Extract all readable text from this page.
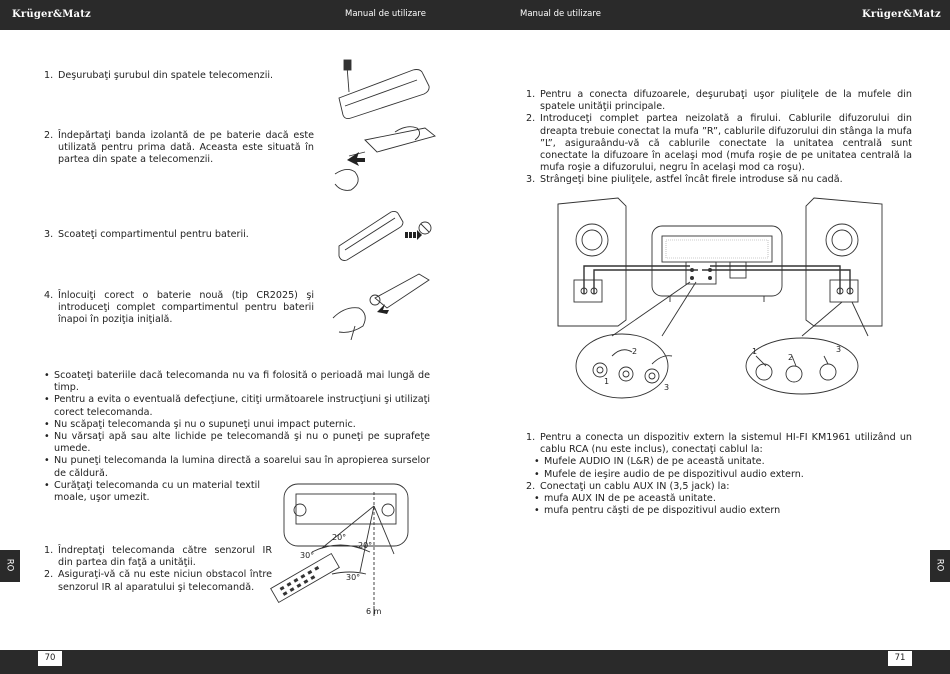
Krüger&Matz	Manual de utilizare	Manual de utilizare	Krüger&Matz
RO	RO
70	71
1. Deşurubaţi şurubul din spatele telecomenzii.
2. Îndepărtaţi banda izolantă de pe baterie dacă este utilizată pentru prima dată. Aceasta este situată în partea din spate a telecomenzii.
3. Scoateţi compartimentul pentru baterii.
4. Înlocuiţi corect o baterie nouă (tip CR2025) şi introduceţi complet compartimentul pentru baterii înapoi în poziţia iniţială.
• Scoateţi bateriile dacă telecomanda nu va fi folosită o perioadă mai lungă de timp.
• Pentru a evita o eventuală defecţiune, citiţi următoarele instrucţiuni şi utilizaţi corect telecomanda.
• Nu scăpaţi telecomanda şi nu o supuneţi unui impact puternic.
• Nu vărsaţi apă sau alte lichide pe telecomandă şi nu o puneţi pe suprafeţe umede.
• Nu puneţi telecomanda la lumina directă a soarelui sau în apropierea surselor de căldură.
• Curăţaţi telecomanda cu un material textil moale, uşor umezit.
1. Îndreptaţi telecomanda către senzorul IR din partea din faţă a unităţii.
2. Asiguraţi-vă că nu este niciun obstacol între senzorul IR al aparatului şi telecomandă.
20°
20°
30°
30°
6 m
1. Pentru a conecta difuzoarele, deşurubaţi uşor piuliţele de la mufele din spatele unităţii principale.
2. Introduceţi complet partea neizolată a firului. Cablurile difuzorului din dreapta trebuie conectat la mufa ”R”, cablurile difuzorului din stânga la mufa ”L”, asiguraându-vă că cablurile conectate la unitatea centrală sunt conectate la difuzoare în acelaşi mod (mufa roşie de pe unitatea centrală la mufa roşie a difuzorului, negru în acelaşi mod ca roşu).
3. Strângeţi bine piuliţele, astfel încât firele introduse să nu cadă.
2
1
3
1
2
3
1. Pentru a conecta un dispozitiv extern la sistemul HI-FI KM1961 utilizând un cablu RCA (nu este inclus), conectaţi cablul la:
• Mufele AUDIO IN (L&R) de pe această unitate.
• Mufele de ieşire audio de pe dispozitivul audio extern.
2. Conectaţi un cablu AUX IN (3,5 jack) la:
• mufa AUX IN de pe această unitate.
• mufa pentru căşti de pe dispozitivul audio extern
